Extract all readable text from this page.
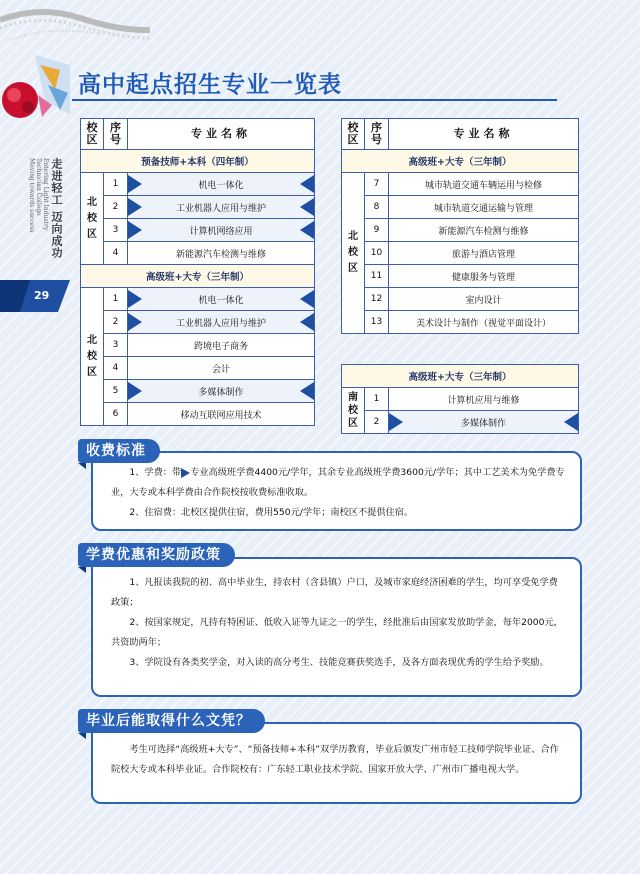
走进轻工 迈向成功
Entering Light Industry
Technician College
Moving towards success
29
高中起点招生专业一览表
校区	序号	专业名称
预备技师+本科（四年制）		

北
校
区	1	机电一体化

	2	工业机器人应用与维护

	3	计算机网络应用

	4	新能源汽车检测与维修
高级班+大专（三年制）		

北
校
区	1	机电一体化

	2	工业机器人应用与维护

	3	跨境电子商务
	4	会计
	5	多媒体制作

	6	移动互联网应用技术
校区	序号	专业名称
高级班+大专（三年制）		

北
校
区	7	城市轨道交通车辆运用与检修
	8	城市轨道交通运输与管理
	9	新能源汽车检测与维修
	10	旅游与酒店管理
	11	健康服务与管理
	12	室内设计
	13	美术设计与制作（视觉平面设计）
高级班+大专（三年制）		

南
校
区	1	计算机应用与维修
	2	多媒体制作

1、学费：带 专业高级班学费4400元/学年，其余专业高级班学费3600元/学年；其中工艺美术为免学费专业，大专或本科学费由合作院校按收费标准收取。

2、住宿费：北校区提供住宿，费用550元/学年；南校区不提供住宿。

收费标准

1、凡报读我院的初、高中毕业生，持农村（含县镇）户口，及城市家庭经济困难的学生，均可享受免学费政策；

2、按国家规定，凡持有特困证、低收入证等九证之一的学生，经批准后由国家发放助学金，每年2000元，共资助两年；

3、学院设有各类奖学金，对入读的高分考生、技能竞赛获奖选手，及各方面表现优秀的学生给予奖励。

学费优惠和奖励政策

考生可选择“高级班+大专”、“预备技师+本科”双学历教育，毕业后颁发广州市轻工技师学院毕业证、合作院校大专或本科毕业证。合作院校有：广东轻工职业技术学院、国家开放大学、广州市广播电视大学。

毕业后能取得什么文凭？
